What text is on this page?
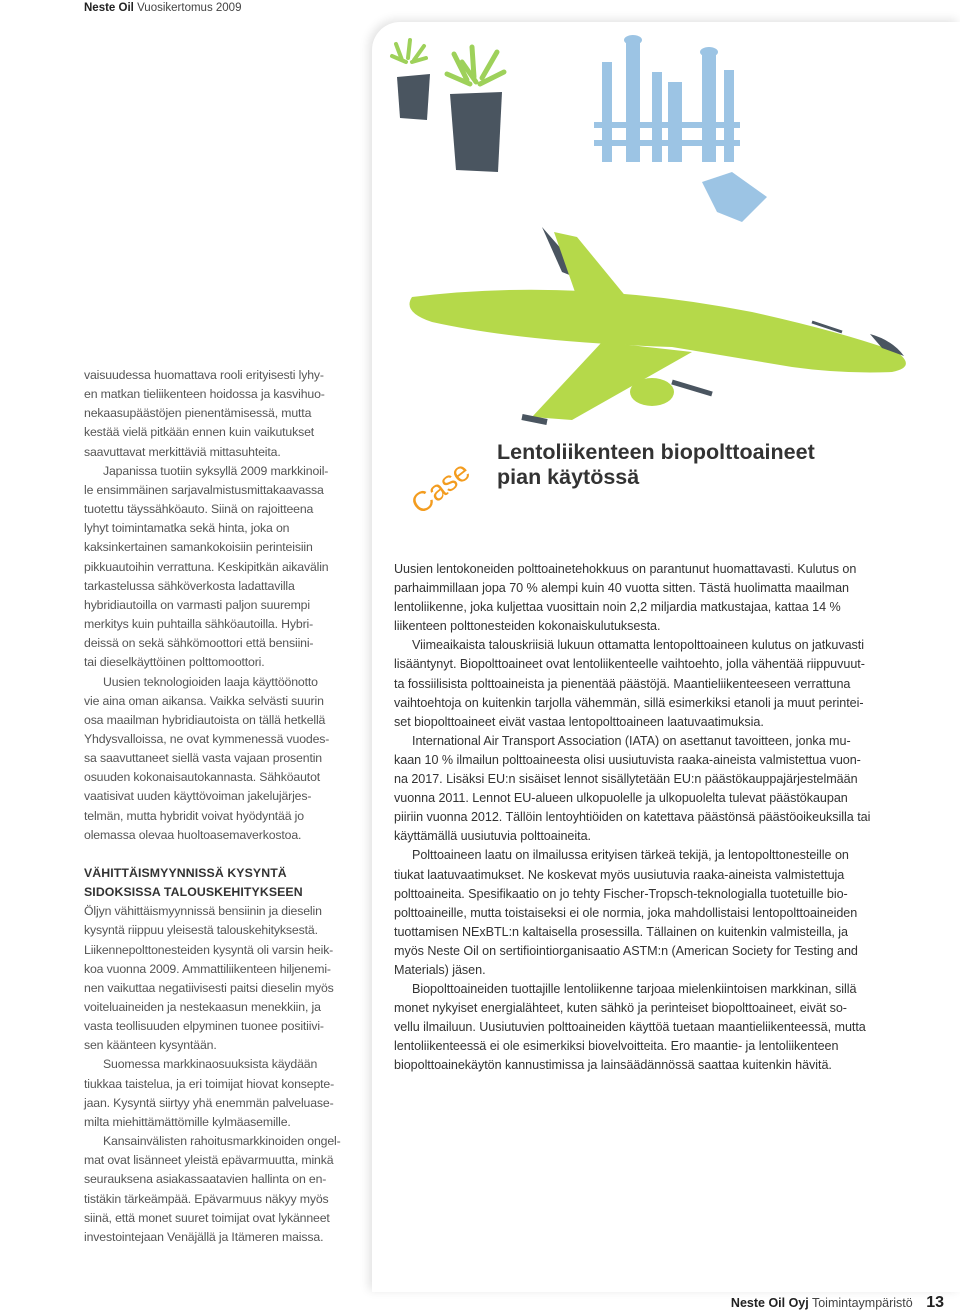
Neste Oil Vuosikertomus 2009
Case
Lentoliikenteen biopolttoaineet
pian käytössä
vaisuudessa huomattava rooli erityisesti lyhy-
en matkan tieliikenteen hoidossa ja kasvihuo-
nekaasupäästöjen pienentämisessä, mutta
kestää vielä pitkään ennen kuin vaikutukset
saavuttavat merkittäviä mittasuhteita.
Japanissa tuotiin syksyllä 2009 markkinoil-
le ensimmäinen sarjavalmistusmittakaavassa
tuotettu täyssähköauto. Siinä on rajoitteena
lyhyt toimintamatka sekä hinta, joka on
kaksinkertainen samankokoisiin perinteisiin
pikkuautoihin verrattuna. Keskipitkän aikavälin
tarkastelussa sähköverkosta ladattavilla
hybridiautoilla on varmasti paljon suurempi
merkitys kuin puhtailla sähköautoilla. Hybri-
deissä on sekä sähkömoottori että bensiini-
tai dieselkäyttöinen polttomoottori.
Uusien teknologioiden laaja käyttöönotto
vie aina oman aikansa. Vaikka selvästi suurin
osa maailman hybridiautoista on tällä hetkellä
Yhdysvalloissa, ne ovat kymmenessä vuodes-
sa saavuttaneet siellä vasta vajaan prosentin
osuuden kokonaisautokannasta. Sähköautot
vaatisivat uuden käyttövoiman jakelujärjes-
telmän, mutta hybridit voivat hyödyntää jo
olemassa olevaa huoltoasemaverkostoa.
VÄHITTÄISMYYNNISSÄ KYSYNTÄ
SIDOKSISSA TALOUSKEHITYKSEEN
Öljyn vähittäismyynnissä bensiinin ja dieselin
kysyntä riippuu yleisestä talouskehityksestä.
Liikennepolttonesteiden kysyntä oli varsin heik-
koa vuonna 2009. Ammattiliikenteen hiljenemi-
nen vaikuttaa negatiivisesti paitsi dieselin myös
voiteluaineiden ja nestekaasun menekkiin, ja
vasta teollisuuden elpyminen tuonee positiivi-
sen käänteen kysyntään.
Suomessa markkinaosuuksista käydään
tiukkaa taistelua, ja eri toimijat hiovat konsepte-
jaan. Kysyntä siirtyy yhä enemmän palveluase-
milta miehittämättömille kylmäasemille.
Kansainvälisten rahoitusmarkkinoiden ongel-
mat ovat lisänneet yleistä epävarmuutta, minkä
seurauksena asiakassaatavien hallinta on en-
tistäkin tärkeämpää. Epävarmuus näkyy myös
siinä, että monet suuret toimijat ovat lykänneet
investointejaan Venäjällä ja Itämeren maissa.
Uusien lentokoneiden polttoainetehokkuus on parantunut huomattavasti. Kulutus on
parhaimmillaan jopa 70 % alempi kuin 40 vuotta sitten. Tästä huolimatta maailman
lentoliikenne, joka kuljettaa vuosittain noin 2,2 miljardia matkustajaa, kattaa 14 %
liikenteen polttonesteiden kokonaiskulutuksesta.
Viimeaikaista talouskriisiä lukuun ottamatta lentopolttoaineen kulutus on jatkuvasti
lisääntynyt. Biopolttoaineet ovat lentoliikenteelle vaihtoehto, jolla vähentää riippuvuut-
ta fossiilisista polttoaineista ja pienentää päästöjä. Maantieliikenteeseen verrattuna
vaihtoehtoja on kuitenkin tarjolla vähemmän, sillä esimerkiksi etanoli ja muut perintei-
set biopolttoaineet eivät vastaa lentopolttoaineen laatuvaatimuksia.
International Air Transport Association (IATA) on asettanut tavoitteen, jonka mu-
kaan 10 % ilmailun polttoaineesta olisi uusiutuvista raaka-aineista valmistettua vuon-
na 2017. Lisäksi EU:n sisäiset lennot sisällytetään EU:n päästökauppajärjestelmään
vuonna 2011. Lennot EU-alueen ulkopuolelle ja ulkopuolelta tulevat päästökaupan
piiriin vuonna 2012. Tällöin lentoyhtiöiden on katettava päästönsä päästöoikeuksilla tai
käyttämällä uusiutuvia polttoaineita.
Polttoaineen laatu on ilmailussa erityisen tärkeä tekijä, ja lentopolttonesteille on
tiukat laatuvaatimukset. Ne koskevat myös uusiutuvia raaka-aineista valmistettuja
polttoaineita. Spesifikaatio on jo tehty Fischer-Tropsch-teknologialla tuotetuille bio-
polttoaineille, mutta toistaiseksi ei ole normia, joka mahdollistaisi lentopolttoaineiden
tuottamisen NExBTL:n kaltaisella prosessilla. Tällainen on kuitenkin valmisteilla, ja
myös Neste Oil on sertifiointiorganisaatio ASTM:n (American Society for Testing and
Materials) jäsen.
Biopolttoaineiden tuottajille lentoliikenne tarjoaa mielenkiintoisen markkinan, sillä
monet nykyiset energialähteet, kuten sähkö ja perinteiset biopolttoaineet, eivät so-
vellu ilmailuun. Uusiutuvien polttoaineiden käyttöä tuetaan maantieliikenteessä, mutta
lentoliikenteessä ei ole esimerkiksi biovelvoitteita. Ero maantie- ja lentoliikenteen
biopolttoainekäytön kannustimissa ja lainsäädännössä saattaa kuitenkin hävitä.
Neste Oil Oyj Toimintaympäristö 13
